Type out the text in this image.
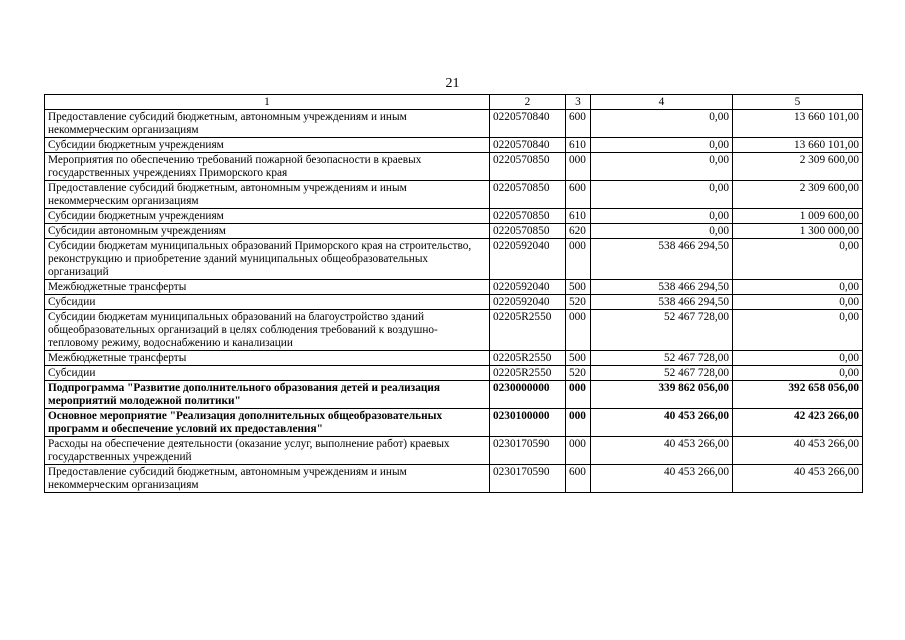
21
1	2	3	4	5
Предоставление субсидий бюджетным, автономным учреждениям и иным некоммерческим организациям	0220570840	600	0,00	13 660 101,00
Субсидии бюджетным учреждениям	0220570840	610	0,00	13 660 101,00
Мероприятия по обеспечению требований пожарной безопасности в краевых государственных учреждениях Приморского края	0220570850	000	0,00	2 309 600,00
Предоставление субсидий бюджетным, автономным учреждениям и иным некоммерческим организациям	0220570850	600	0,00	2 309 600,00
Субсидии бюджетным учреждениям	0220570850	610	0,00	1 009 600,00
Субсидии автономным учреждениям	0220570850	620	0,00	1 300 000,00
Субсидии бюджетам муниципальных образований Приморского края на строительство, реконструкцию и приобретение зданий муниципальных общеобразовательных организаций	0220592040	000	538 466 294,50	0,00
Межбюджетные трансферты	0220592040	500	538 466 294,50	0,00
Субсидии	0220592040	520	538 466 294,50	0,00
Субсидии бюджетам муниципальных образований на благоустройство зданий общеобразовательных организаций в целях соблюдения требований к воздушно-тепловому режиму, водоснабжению и канализации	02205R2550	000	52 467 728,00	0,00
Межбюджетные трансферты	02205R2550	500	52 467 728,00	0,00
Субсидии	02205R2550	520	52 467 728,00	0,00
Подпрограмма "Развитие дополнительного образования детей и реализация мероприятий молодежной политики"	0230000000	000	339 862 056,00	392 658 056,00
Основное мероприятие "Реализация дополнительных общеобразовательных программ и обеспечение условий их предоставления"	0230100000	000	40 453 266,00	42 423 266,00
Расходы на обеспечение деятельности (оказание услуг, выполнение работ) краевых государственных учреждений	0230170590	000	40 453 266,00	40 453 266,00
Предоставление субсидий бюджетным, автономным учреждениям и иным некоммерческим организациям	0230170590	600	40 453 266,00	40 453 266,00
